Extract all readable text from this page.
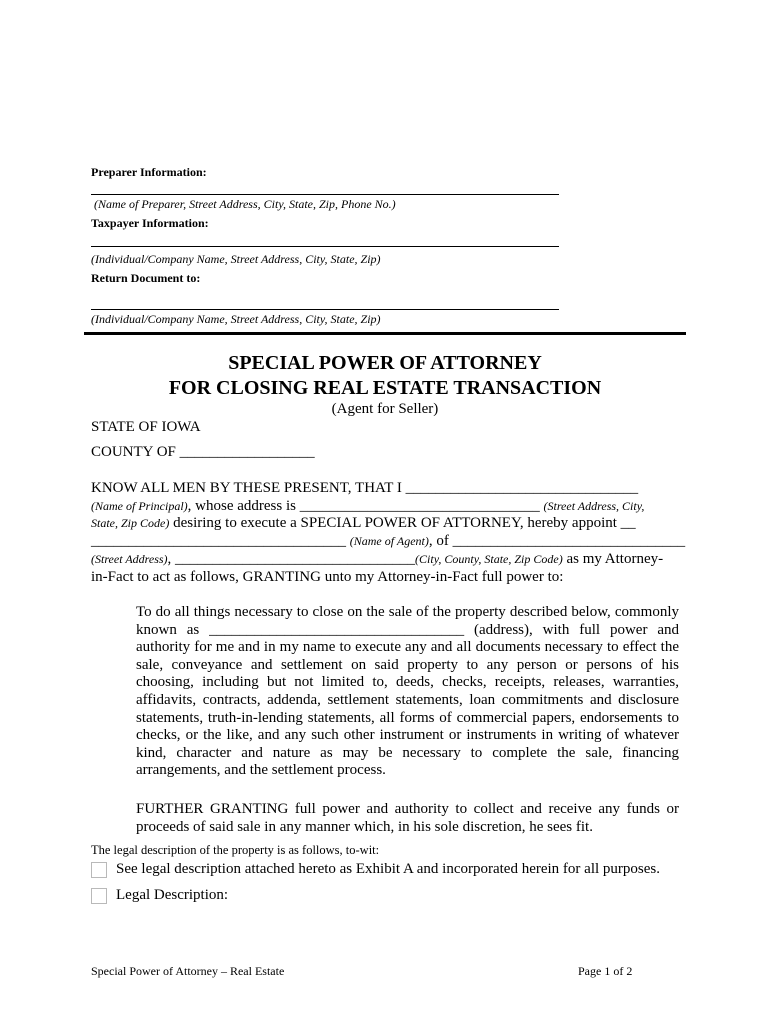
Preparer Information:
(Name of Preparer, Street Address, City, State, Zip, Phone No.)
Taxpayer Information:
(Individual/Company Name, Street Address, City, State, Zip)
Return Document to:
(Individual/Company Name, Street Address, City, State, Zip)
SPECIAL POWER OF ATTORNEY
FOR CLOSING REAL ESTATE TRANSACTION
(Agent for Seller)
STATE OF IOWA
COUNTY OF __________________
KNOW ALL MEN BY THESE PRESENT, THAT I _______________________________
(Name of Principal), whose address is ________________________________ (Street Address, City,
State, Zip Code) desiring to execute a SPECIAL POWER OF ATTORNEY, hereby appoint __
__________________________________ (Name of Agent), of _______________________________
(Street Address), ________________________________(City, County, State, Zip Code) as my Attorney-
in-Fact to act as follows, GRANTING unto my Attorney-in-Fact full power to:
To do all things necessary to close on the sale of the property described below, commonly known as __________________________________ (address), with full power and authority for me and in my name to execute any and all documents necessary to effect the sale, conveyance and settlement on said property to any person or persons of his choosing, including but not limited to, deeds, checks, receipts, releases, warranties, affidavits, contracts, addenda, settlement statements, loan commitments and disclosure statements, truth-in-lending statements, all forms of commercial papers, endorsements to checks, or the like, and any such other instrument or instruments in writing of whatever kind, character and nature as may be necessary to complete the sale, financing arrangements, and the settlement process.
FURTHER GRANTING full power and authority to collect and receive any funds or proceeds of said sale in any manner which, in his sole discretion, he sees fit.
The legal description of the property is as follows, to-wit:
See legal description attached hereto as Exhibit A and incorporated herein for all purposes.
Legal Description:
Special Power of Attorney – Real Estate	Page 1 of 2
